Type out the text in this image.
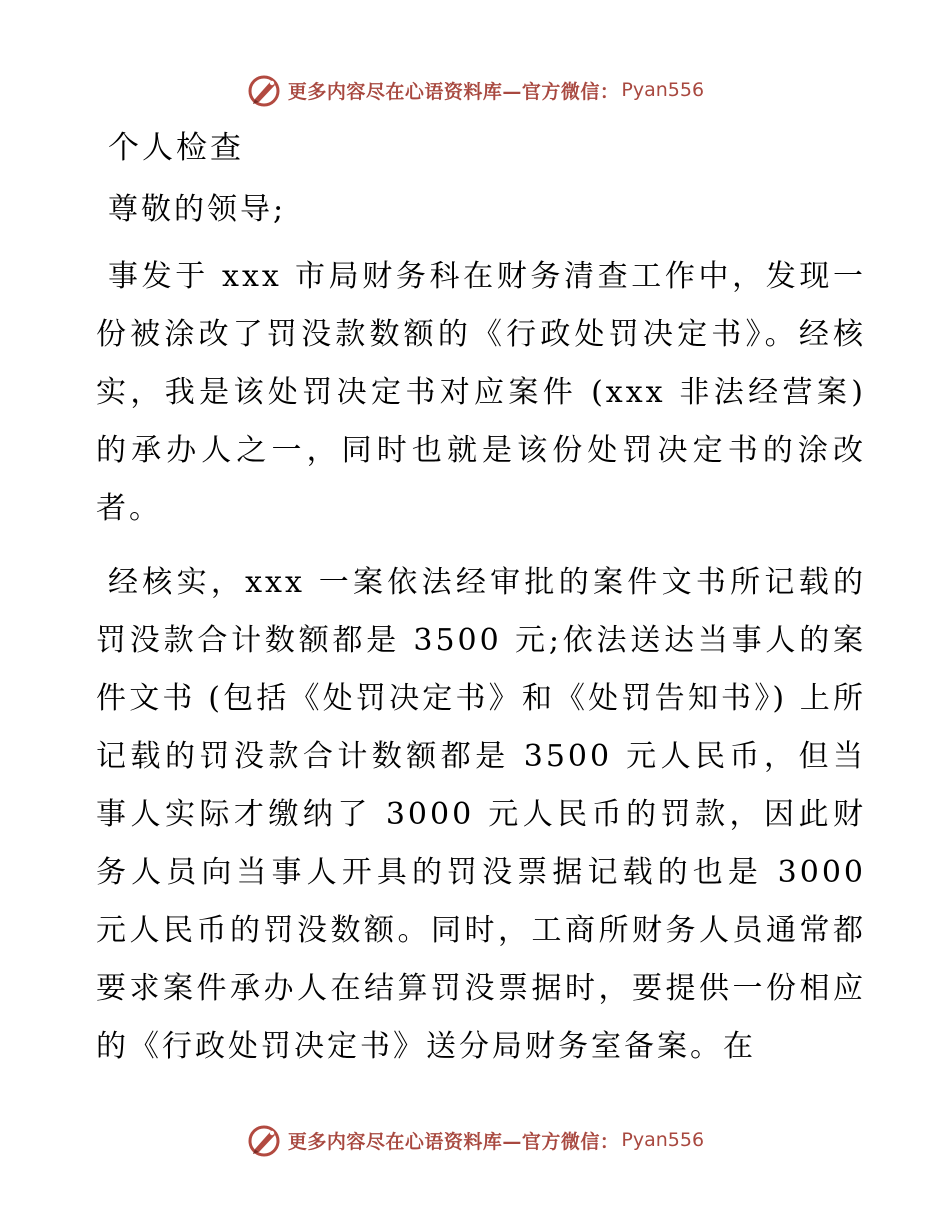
更多内容尽在心语资料库—官方微信： Pyan556
个人检查
尊敬的领导;

事发于 xxx 市局财务科在财务清查工作中，发现一份被涂改了罚没款数额的《行政处罚决定书》。经核实，我是该处罚决定书对应案件 (xxx 非法经营案) 的承办人之一，同时也就是该份处罚决定书的涂改者。

经核实，xxx 一案依法经审批的案件文书所记载的罚没款合计数额都是 3500 元;依法送达当事人的案件文书 (包括《处罚决定书》和《处罚告知书》) 上所记载的罚没款合计数额都是 3500 元人民币，但当事人实际才缴纳了 3000 元人民币的罚款，因此财务人员向当事人开具的罚没票据记载的也是 3000 元人民币的罚没数额。同时，工商所财务人员通常都要求案件承办人在结算罚没票据时，要提供一份相应的《行政处罚决定书》送分局财务室备案。在

更多内容尽在心语资料库—官方微信： Pyan556
